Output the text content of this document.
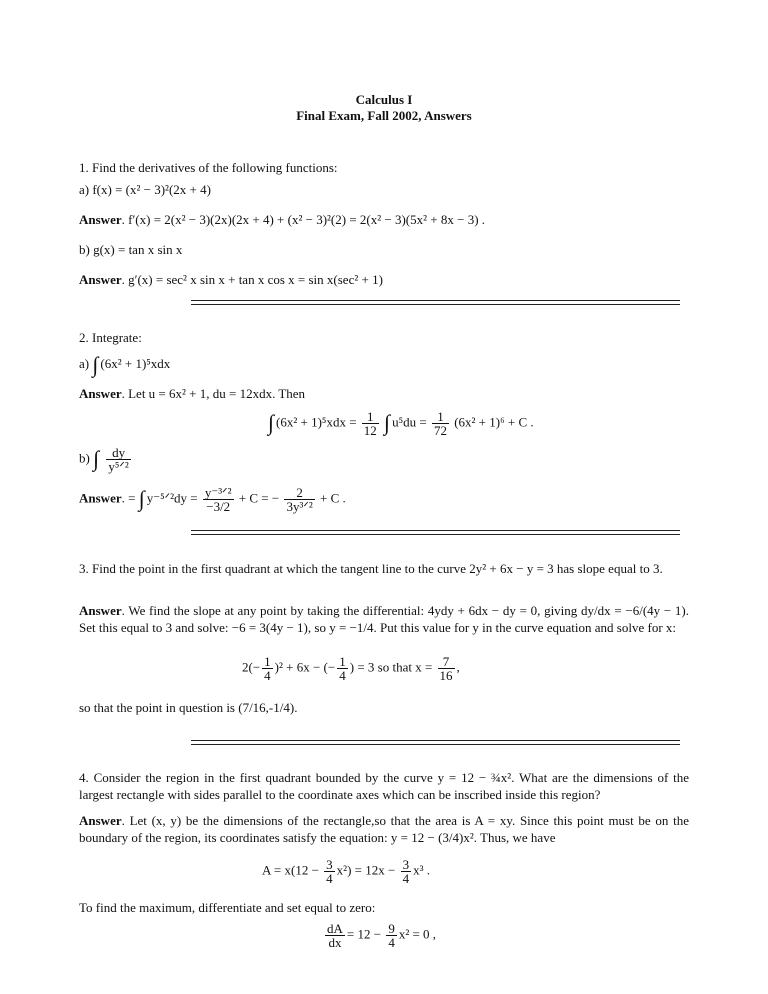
Calculus I
Final Exam, Fall 2002, Answers
1. Find the derivatives of the following functions:
a) f(x) = (x² − 3)²(2x + 4)
Answer. f′(x) = 2(x² − 3)(2x)(2x + 4) + (x² − 3)²(2) = 2(x² − 3)(5x² + 8x − 3) .
b) g(x) = tan x sin x
Answer. g′(x) = sec² x sin x + tan x cos x = sin x(sec² + 1)
2. Integrate:
a) ∫ (6x² + 1)⁵xdx
Answer. Let u = 6x² + 1, du = 12xdx. Then
∫ $(6x^2 + 1)^5xdx = \frac{1}{12}$ ∫ $u^5du = \frac{1}{72} (6x^2 + 1)^6 + C$ .
b) ∫ $\frac{dy}{\text{y⁵ᐟ²}}$
Answer. = ∫ y⁻⁵ᐟ²dy = $\frac{\text{y⁻³ᐟ²}}{-3/2} + C$ = − $\frac{2}{\text{3y³ᐟ²}} + C$ .
3. Find the point in the first quadrant at which the tangent line to the curve 2y² + 6x − y = 3 has slope equal to 3.
Answer. We find the slope at any point by taking the differential: 4ydy + 6dx − dy = 0, giving dy/dx = −6/(4y − 1). Set this equal to 3 and solve: −6 = 3(4y − 1), so y = −1/4. Put this value for y in the curve equation and solve for x:
$2(- \frac{1}{4} )^2 + 6x$ − (− $\frac{1}{4}$ ) = 3 so that $x = \frac{7}{16}$ ,
so that the point in question is (7/16,-1/4).
4. Consider the region in the first quadrant bounded by the curve y = 12 − ¾x². What are the dimensions of the largest rectangle with sides parallel to the coordinate axes which can be inscribed inside this region?
Answer. Let (x, y) be the dimensions of the rectangle,so that the area is A = xy. Since this point must be on the boundary of the region, its coordinates satisfy the equation: y = 12 − (3/4)x². Thus, we have
$A = x(12 - \frac{3}{4} x^2) = 12x - \frac{3}{4} x^3$ .
To find the maximum, differentiate and set equal to zero:
$\frac{dA}{dx} = 12 - \frac{9}{4} x^2 = 0$ ,
